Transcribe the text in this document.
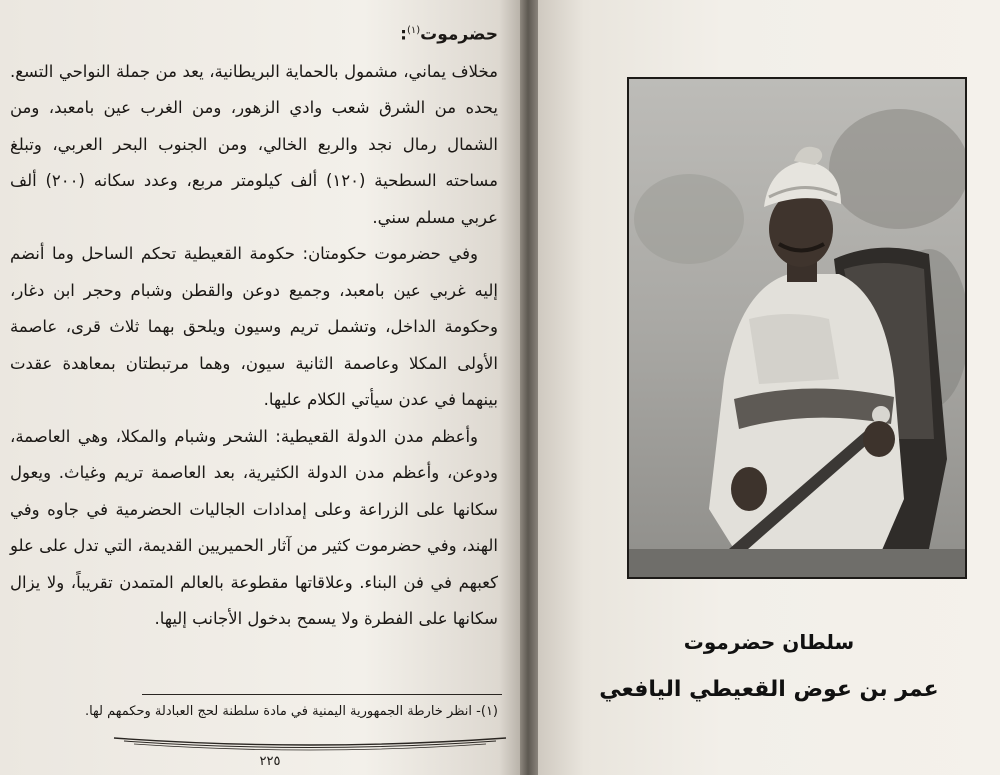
حضرموت$^{(١)}$:

مخلاف يماني، مشمول بالحماية البريطانية، يعد من جملة النواحي التسع. يحده من الشرق شعب وادي الزهور، ومن الغرب عين بامعبد، ومن الشمال رمال نجد والربع الخالي، ومن الجنوب البحر العربي، وتبلغ مساحته السطحية (١٢٠) ألف كيلومتر مربع، وعدد سكانه (٢٠٠) ألف عربي مسلم سني.

وفي حضرموت حكومتان: حكومة القعيطية تحكم الساحل وما أنضم إليه غربي عين بامعبد، وجميع دوعن والقطن وشبام وحجر ابن دغار، وحكومة الداخل، وتشمل تريم وسيون ويلحق بهما ثلاث قرى، عاصمة الأولى المكلا وعاصمة الثانية سيون، وهما مرتبطتان بمعاهدة عقدت بينهما في عدن سيأتي الكلام عليها.

وأعظم مدن الدولة القعيطية: الشحر وشبام والمكلا، وهي العاصمة، ودوعن، وأعظم مدن الدولة الكثيرية، بعد العاصمة تريم وغياث. ويعول سكانها على الزراعة وعلى إمدادات الجاليات الحضرمية في جاوه وفي الهند، وفي حضرموت كثير من آثار الحميريين القديمة، التي تدل على علو كعبهم في فن البناء. وعلاقاتها مقطوعة بالعالم المتمدن تقريباً، ولا يزال سكانها على الفطرة ولا يسمح بدخول الأجانب إليها.

(١)- انظر خارطة الجمهورية اليمنية في مادة سلطنة لحج العبادلة وحكمهم لها.
٢٢٥
سلطان حضرموت
عمر بن عوض القعيطي اليافعي
